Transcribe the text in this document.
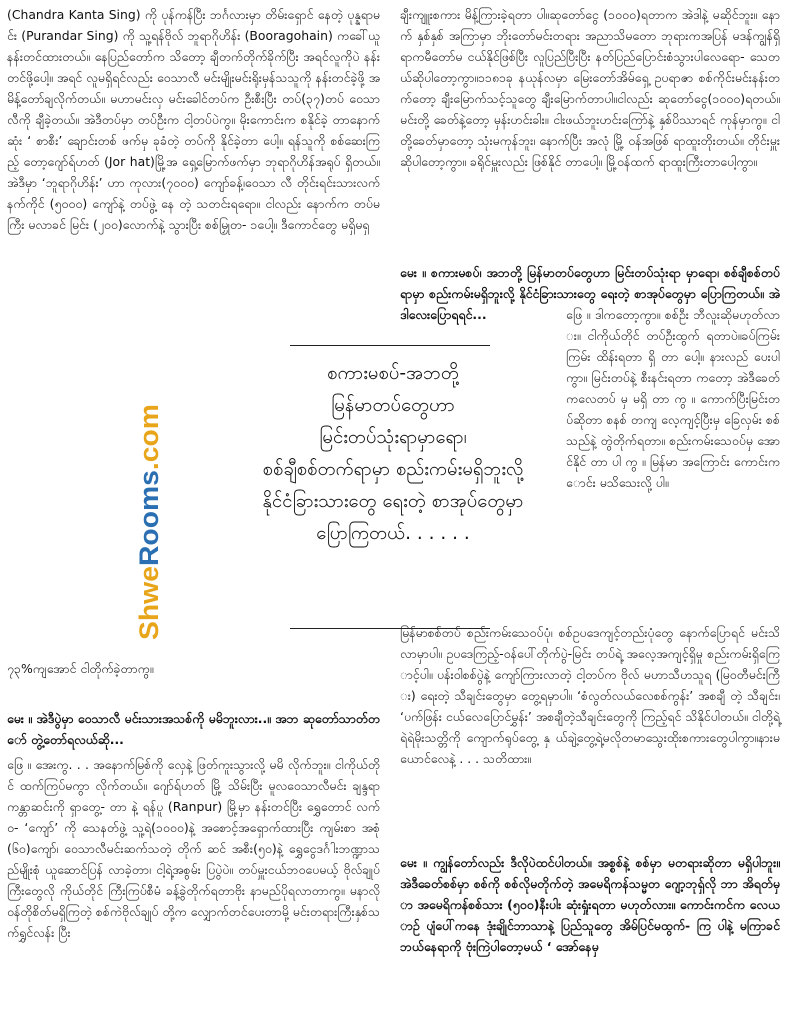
(Chandra Kanta Sing) ကို ပုန်ကန်ပြီး ဘင်္ဂလားမှာ တိမ်းရှောင် နေတဲ့ ပုန္နရာမင်း (Purandar Sing) ကို သူ့ရန်ဗိုလ် ဘူရာဂိုဟိန်း (Booragohain) ကခေါ်ယူနန်းတင်ထားတယ်။ နေပြည်တော်က သိတော့ ချီတက်တိုက်ခိုက်ပြီး အရင်လူကိုပဲ နန်းတင်ဖို့ပေါ့။ အရင် လူမရှိရင်လည်း ဝေသာလီ မင်းမျိုးမင်းရိုးမှန်သသူကို နန်းတင်ခဲ့ဖို့ အမိန့်တော်ချလိုက်တယ်။ မဟာမင်းလှ မင်းခေါင်တပ်က ဦးစီးပြီး တပ်(၃၇)တပ် ဝေသာလီကို ချီခဲ့တယ်။ အဲဒီတပ်မှာ တပ်ဦးက ငါ့တပ်ပဲကွ။ မိုးကောင်းက စနိုင်ခဲ့ တာနောက်ဆုံး ‘ စာစီး’ ချောင်းတစ် ဖက်မှ ခုခံတဲ့ တပ်ကို နိုင်ခဲ့တာ ပေါ့။ ရန်သူကို စစ်ဆေးကြည့် တော့ဂျော်ရ်ဟတ် (Jor hat)မြို့အ ရှေ့မြောက်ဖက်မှာ ဘုရာဂိုဟိန်အရုပ် ရှိတယ်။ အဲဒီမှာ ‘ဘူရာဂိုဟိန်း’ ဟာ ကုလား(၇၀၀၀) ကျော်ခန့်၊ဝေသာ လီ တိုင်းရင်းသားလက်နက်ကိုင် (၅၀၀၀) ကျော်နဲ့ တပ်ဖွဲ့ နေ တဲ့ သတင်းရရော။ ငါလည်း နောက်က တပ်မကြီး မလာခင် မြင်း (၂၀၀)လောက်နဲ့ သွားပြီး စစ်မြှုတ- ၁ပေါ့။ ဒီကောင်တွေ မရှိမရှ

၇၃%ကျအောင် ငါတိုက်ခဲ့တာကွ။

မေး ။ အဲဒီပွဲမှာ ဝေသာလီ မင်းသားအသစ်ကို မမိဘူးလား..။ အဘ ဆုတော်သာတ်တော် တွဲ့တော်ရလယ်ဆို...

ဖြေ ။ အေးကွ. . . အနောက်မြစ်ကို လှေနဲ့ ဖြတ်ကူးသွားလို့ မမိ လိုက်ဘူး။ ငါကိုယ်တိုင် ထက်ကြပ်မကွာ လိုက်တယ်။ ဂျော်ရ်ဟတ် မြို့ သိမ်းပြီး မူလဝေသာလီမင်း ချန္ဒရာ ကန္တာဆင်းကို ရှာတွေ့- တာ နဲ့ ရန်ပူ (Ranpur) မြို့မှာ နန်းတင်ပြီး ရွှေတောင် လက်ဝ- ‘ကျော်’ ကို သေနတ်ဖွဲ့ သူ့ရဲ(၁၀၀၀)နဲ့ အစောင့်အရှောက်ထားပြီး ကျမ်းစာ အစုံ (၆၀)ကျော်၊ ဝေသာလီမင်းဆက်သတဲ့ တိုက် ဆင် အစီး(၅၀)နဲ့ ရွှေငွေဒင်္ဂါးဘဏ္ဍာသည်မျိုးစုံ ယူဆောင်ပြန် လာခဲ့တာ၊ ငါ့ရဲ့အစွမ်း ပြပွဲပဲ။ တပ်မှူးငယ်ဘဝပေမယ့် ဗိုလ်ချုပ်ကြီးတွေလို ကိုယ်တိုင် ကြီးကြပ်စီမံ ခန့်ခွဲတိုက်ရတာဗိုး နာမည်ပိုရလာတာကွ။ မနာလို ဝန်တိုစိတ်မရှိကြတဲ့ စစ်ကဲဗိုလ်ချုပ် တို့က လျှောက်တင်ပေးတာမို့ မင်းတရားကြီးနှစ်သက်ရွှင်လန်း ပြီး

ချီးကျူးစကား မိန့်ကြားခဲ့ရတာ ပါ။ဆုတော်ငွေ (၁၀၀၀)ရတာက အဲဒါနဲ့ မဆိုင်ဘူး။ နောက် နှစ်နှစ် အကြာမှာ ဘိုးတော်မင်းတရား အညာသိမတော ဘုရားကအပြန် မဒန်ကျွန်ရှိရာကမီတော်မ ငယ်နိုင်ဖြစ်ပြီး လူပြည်ပြီးပြီး နတ်ပြည်ပြောင်းစံသွားပါလေရော- သေတယ်ဆိုပါတော့ကွာ။၁၁၈၁ခု နယုန်လမှာ မြေးတော်အိမ်ရှေ့ ဥပရာဇာ စစ်ကိုင်းမင်းနန်းတက်တော့ ချီးမြောက်သင့်သူတွေ ချီးမြောက်တာပါ။ငါလည်း ဆုတော်ငွေ(၁၀၀၀)ရတယ်။မင်းတို့ ခေတ်နဲ့တော့ မှန်းဟင်းခါး။ ငါးဖယ်ဘူးဟင်းကြော်နဲ့ နှစ်ပိဿာရင် ကုန်မှာကွ။ ငါတို့ခေတ်မှာတော့ သုံးမကုန်ဘူး၊ နောက်ပြီး အလုံ မြို့ ဝန်အဖြစ် ရာထူးတိုးတယ်။ တိုင်းမှူးဆိုပါတော့ကွာ။ ခရိုင်မှူးလည်း ဖြစ်နိုင် တာပေါ့။ မြို့ဝန်ထက် ရာထူးကြီးတာပေါ့ကွာ။

မေး ။ စကားမစပ်၊ အဘတို့ မြန်မာတပ်တွေဟာ မြင်းတပ်သုံးရာ မှာရော၊ စစ်ချီစစ်တပ်ရာမှာ စည်းကမ်းမရှိဘူးလို့ နိုင်ငံခြားသားတွေ ရေးတဲ့ စာအုပ်တွေမှာ ပြောကြတယ်။ အဲဒါလေးပြောရရင်...	ဖြေ ။ ဒါကတော့ကွာ။ စစ်ဦး ဘီလူးဆိုမဟုတ်လား။ ငါကိုယ်တိုင် တပ်ဦးထွက် ရတာပဲ။ခပ်ကြမ်း ကြမ်း ထိန်းရတာ ရှိ တာ ပေါ့။ နားလည် ပေးပါကွာ။ မြင်းတပ်နဲ့ စီးနင်းရတာ ကတော့ အဲဒီခေတ် ကလေတပ် မှ မရှိ တာ ကွ ။ ကောက်ပြီးမြင်းတပ်ဆိုတာ စနစ် တကျ လေ့ကျင့်ပြီးမှ ခြေလှမ်း စစ်သည်နဲ့ တွဲတိုက်ရတာ။ စည်းကမ်းသေဝပ်မှ အောင်နိုင် တာ ပါ ကွ ။ မြန်မာ အကြောင်း ကောင်းကောင်း မသိသေးလို့ ပါ။

မြန်မာစစ်တပ် စည်းကမ်းသေဝပ်ပုံ၊ စစ်ဥပဒေကျင့်တည်းပုံတွေ နောက်ပြောရင် မင်းသိလာမှာပါ။ ဥပဒေကြည့်-ဝန်ပေါ်တိုက်ပွဲ-မြင်း တပ်ရဲ့ အလေ့အကျင့်ရှိမှု စည်းကမ်းရှိကြောင့်ပါ။ ပန်းဝါစစ်ပွဲနဲ့ ကျော်ကြားလာတဲ့ ငါ့တပ်က ဗိုလ် မဟာသီဟသူရ (မြဝတီမင်းကြီး) ရေးတဲ့ သီချင်းတွေမှာ တွေ့ရမှာပါ။ ‘စံလွတ်လယ်လေစစ်ကွန်း’ အစချီ တဲ့ သီချင်း၊ ‘ပက်ဖြန်း ငယ်လေပြောင်မွှန်း’ အစချီတဲ့သီချင်းတွေကို ကြည့်ရင် သိနိုင်ပါတယ်။ ငါတို့ရဲ့ ရဲရဲမိုးသတ္တိကို ကျောက်ရုပ်တွေ့ နှ ယ်ချဲ့တွေ့ရဲ့မလိုတမာသွေးထိုးစကားတွေပါကွာ။နားမယောင်လေနဲ့ . . . သတိထား။

မေး ။ ကျွန်တော်လည်း ဒီလိုပဲထင်ပါတယ်။ အစ္စစ်နဲ့ စစ်မှာ မတရားဆိုတာ မရှိပါဘူး။ အဲဒီခေတ်စစ်မှာ စစ်ကို စစ်လိုမတိုက်တဲ့ အမေရိကန်သမ္မတ ဂျော့ဘုရှ်လို ဘာ အိရတ်မှာ အမေရိကန်စစ်သား (၅၀၀)နီးပါး ဆုံးရှုံးရတာ မဟုတ်လား။ ကောင်းကင်က လေယာဉ် ပျံပေါ်ကနေ ဒုံးချိုင်ဘာသာနဲ့ ပြည်သူတွေ အိမ်ပြင်မထွက်- ကြ ပါနဲ့ မကြာခင် ဘယ်နေရာကို ဗုံးကြဲပါတော့မယ် ‘ အော်နေမှ

စကားမစပ်-အဘတို့

မြန်မာတပ်တွေဟာ

မြင်းတပ်သုံးရာမှာရော၊

စစ်ချီစစ်တက်ရာမှာ စည်းကမ်းမရှိဘူးလို့

နိုင်ငံခြားသားတွေ ရေးတဲ့ စာအုပ်တွေမှာ

ပြောကြတယ်. . . . . .

ShweRooms.com
